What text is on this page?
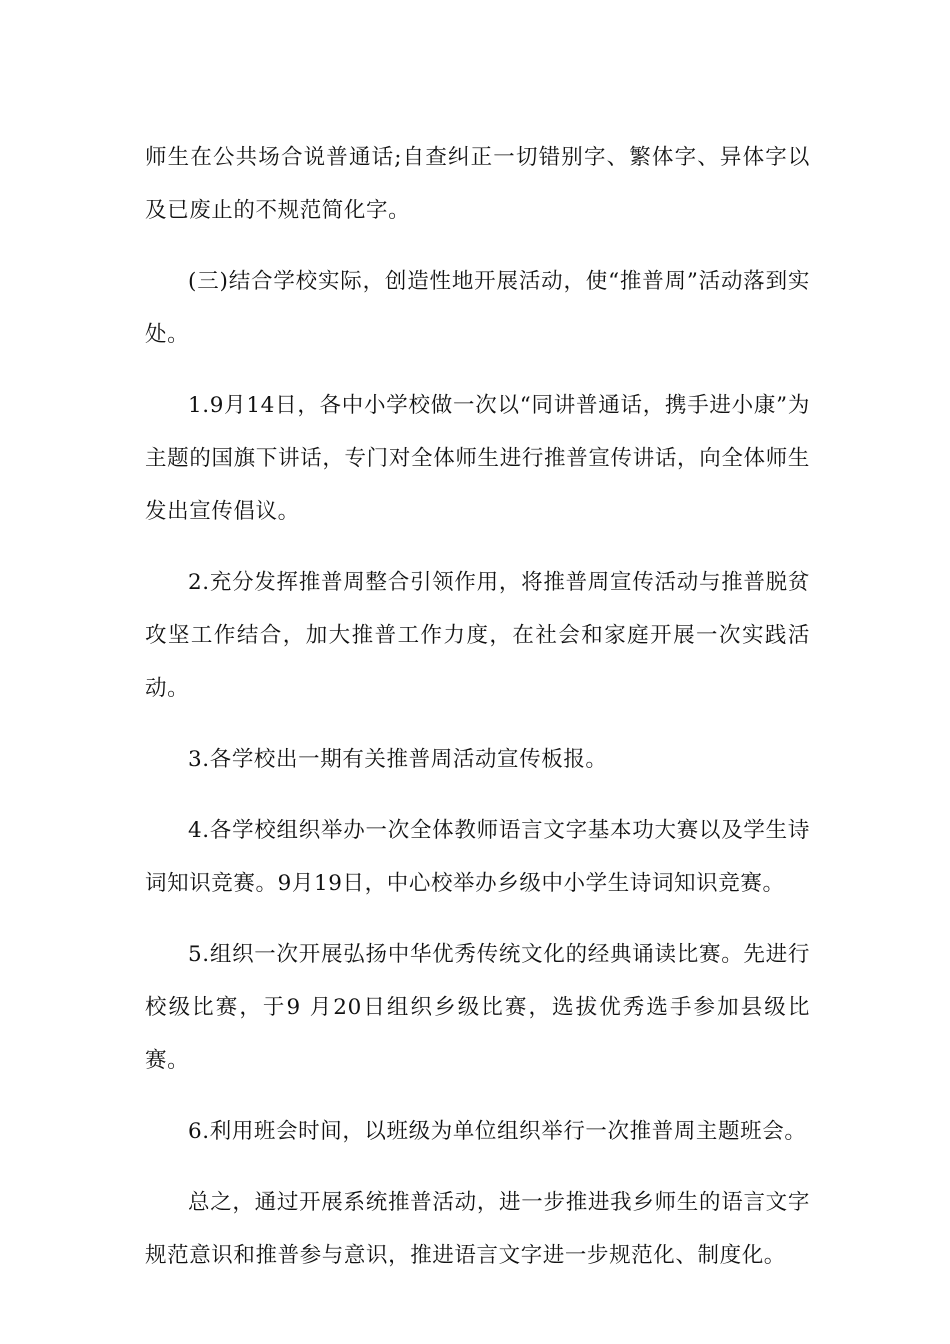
师生在公共场合说普通话;自查纠正一切错别字、繁体字、异体字以及已废止的不规范简化字。

(三)结合学校实际，创造性地开展活动，使“推普周”活动落到实处。

1.9月14日，各中小学校做一次以“同讲普通话，携手进小康”为主题的国旗下讲话，专门对全体师生进行推普宣传讲话，向全体师生发出宣传倡议。

2.充分发挥推普周整合引领作用，将推普周宣传活动与推普脱贫攻坚工作结合，加大推普工作力度，在社会和家庭开展一次实践活动。

3.各学校出一期有关推普周活动宣传板报。

4.各学校组织举办一次全体教师语言文字基本功大赛以及学生诗词知识竞赛。9月19日，中心校举办乡级中小学生诗词知识竞赛。

5.组织一次开展弘扬中华优秀传统文化的经典诵读比赛。先进行校级比赛，于9 月20日组织乡级比赛，选拔优秀选手参加县级比赛。

6.利用班会时间，以班级为单位组织举行一次推普周主题班会。

总之，通过开展系统推普活动，进一步推进我乡师生的语言文字规范意识和推普参与意识，推进语言文字进一步规范化、制度化。
